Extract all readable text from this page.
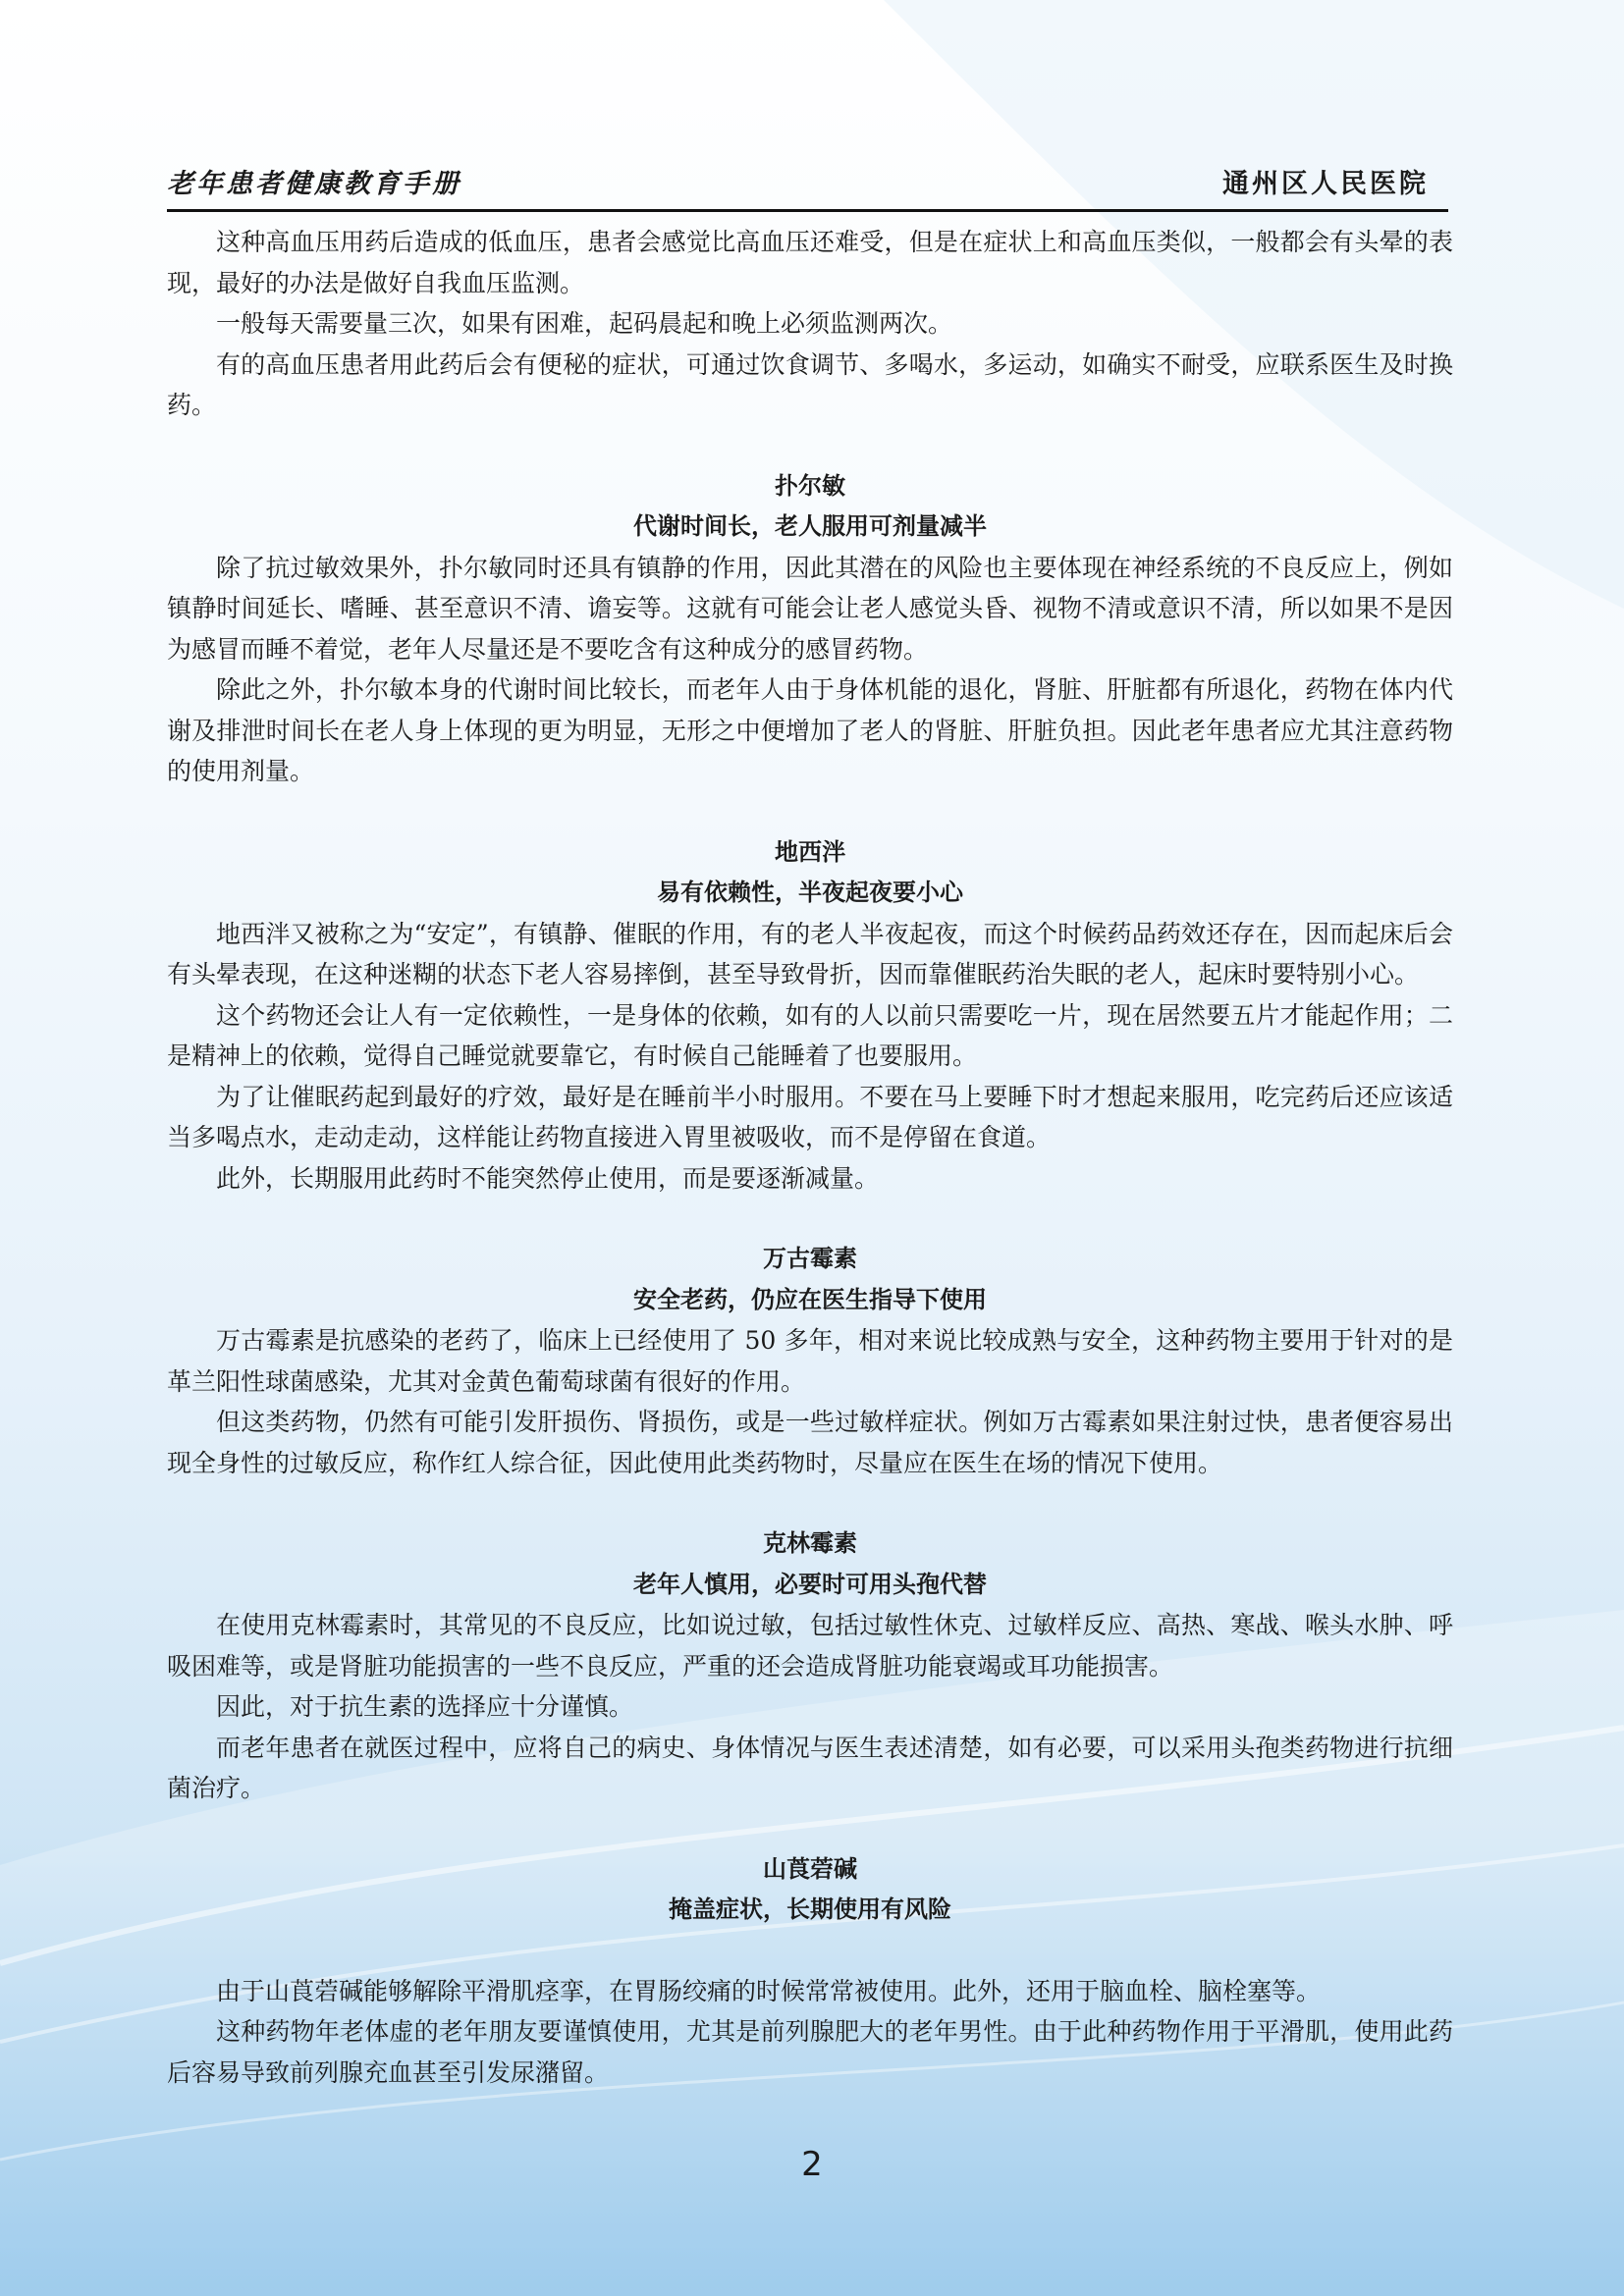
老年患者健康教育手册	通州区人民医院

这种高血压用药后造成的低血压，患者会感觉比高血压还难受，但是在症状上和高血压类似，一般都会有头晕的表现，最好的办法是做好自我血压监测。

一般每天需要量三次，如果有困难，起码晨起和晚上必须监测两次。

有的高血压患者用此药后会有便秘的症状，可通过饮食调节、多喝水，多运动，如确实不耐受，应联系医生及时换药。

扑尔敏
代谢时间长，老人服用可剂量减半

除了抗过敏效果外，扑尔敏同时还具有镇静的作用，因此其潜在的风险也主要体现在神经系统的不良反应上，例如镇静时间延长、嗜睡、甚至意识不清、谵妄等。这就有可能会让老人感觉头昏、视物不清或意识不清，所以如果不是因为感冒而睡不着觉，老年人尽量还是不要吃含有这种成分的感冒药物。

除此之外，扑尔敏本身的代谢时间比较长，而老年人由于身体机能的退化，肾脏、肝脏都有所退化，药物在体内代谢及排泄时间长在老人身上体现的更为明显，无形之中便增加了老人的肾脏、肝脏负担。因此老年患者应尤其注意药物的使用剂量。

地西泮
易有依赖性，半夜起夜要小心

地西泮又被称之为“安定”，有镇静、催眠的作用，有的老人半夜起夜，而这个时候药品药效还存在，因而起床后会有头晕表现，在这种迷糊的状态下老人容易摔倒，甚至导致骨折，因而靠催眠药治失眠的老人，起床时要特别小心。

这个药物还会让人有一定依赖性，一是身体的依赖，如有的人以前只需要吃一片，现在居然要五片才能起作用；二是精神上的依赖，觉得自己睡觉就要靠它，有时候自己能睡着了也要服用。

为了让催眠药起到最好的疗效，最好是在睡前半小时服用。不要在马上要睡下时才想起来服用，吃完药后还应该适当多喝点水，走动走动，这样能让药物直接进入胃里被吸收，而不是停留在食道。

此外，长期服用此药时不能突然停止使用，而是要逐渐减量。

万古霉素
安全老药，仍应在医生指导下使用

万古霉素是抗感染的老药了，临床上已经使用了 50 多年，相对来说比较成熟与安全，这种药物主要用于针对的是革兰阳性球菌感染，尤其对金黄色葡萄球菌有很好的作用。

但这类药物，仍然有可能引发肝损伤、肾损伤，或是一些过敏样症状。例如万古霉素如果注射过快，患者便容易出现全身性的过敏反应，称作红人综合征，因此使用此类药物时，尽量应在医生在场的情况下使用。

克林霉素
老年人慎用，必要时可用头孢代替

在使用克林霉素时，其常见的不良反应，比如说过敏，包括过敏性休克、过敏样反应、高热、寒战、喉头水肿、呼吸困难等，或是肾脏功能损害的一些不良反应，严重的还会造成肾脏功能衰竭或耳功能损害。

因此，对于抗生素的选择应十分谨慎。

而老年患者在就医过程中，应将自己的病史、身体情况与医生表述清楚，如有必要，可以采用头孢类药物进行抗细菌治疗。

山莨菪碱
掩盖症状，长期使用有风险

由于山莨菪碱能够解除平滑肌痉挛，在胃肠绞痛的时候常常被使用。此外，还用于脑血栓、脑栓塞等。

这种药物年老体虚的老年朋友要谨慎使用，尤其是前列腺肥大的老年男性。由于此种药物作用于平滑肌，使用此药后容易导致前列腺充血甚至引发尿潴留。

2
